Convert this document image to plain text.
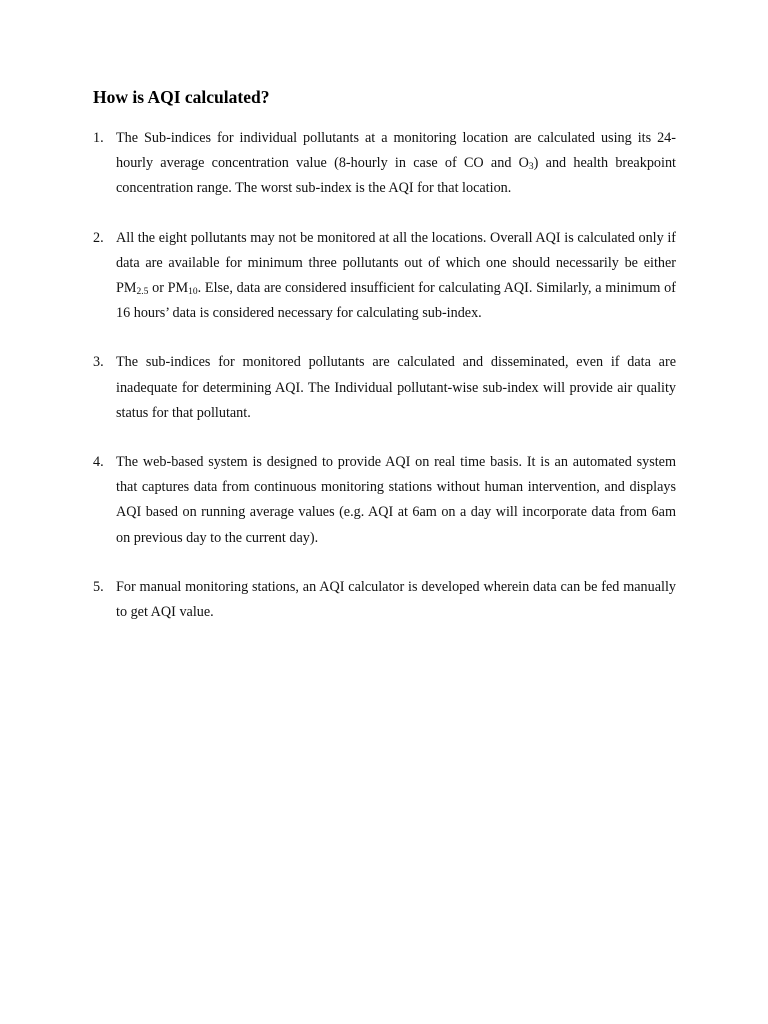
How is AQI calculated?
1. The Sub-indices for individual pollutants at a monitoring location are calculated using its 24-hourly average concentration value (8-hourly in case of CO and $O_3$) and health breakpoint concentration range. The worst sub-index is the AQI for that location.
2. All the eight pollutants may not be monitored at all the locations. Overall AQI is calculated only if data are available for minimum three pollutants out of which one should necessarily be either $PM_{2.5}$ or $PM_{10}$. Else, data are considered insufficient for calculating AQI. Similarly, a minimum of 16 hours’ data is considered necessary for calculating sub-index.
3. The sub-indices for monitored pollutants are calculated and disseminated, even if data are inadequate for determining AQI. The Individual pollutant-wise sub-index will provide air quality status for that pollutant.
4. The web-based system is designed to provide AQI on real time basis. It is an automated system that captures data from continuous monitoring stations without human intervention, and displays AQI based on running average values (e.g. AQI at 6am on a day will incorporate data from 6am on previous day to the current day).
5. For manual monitoring stations, an AQI calculator is developed wherein data can be fed manually to get AQI value.
